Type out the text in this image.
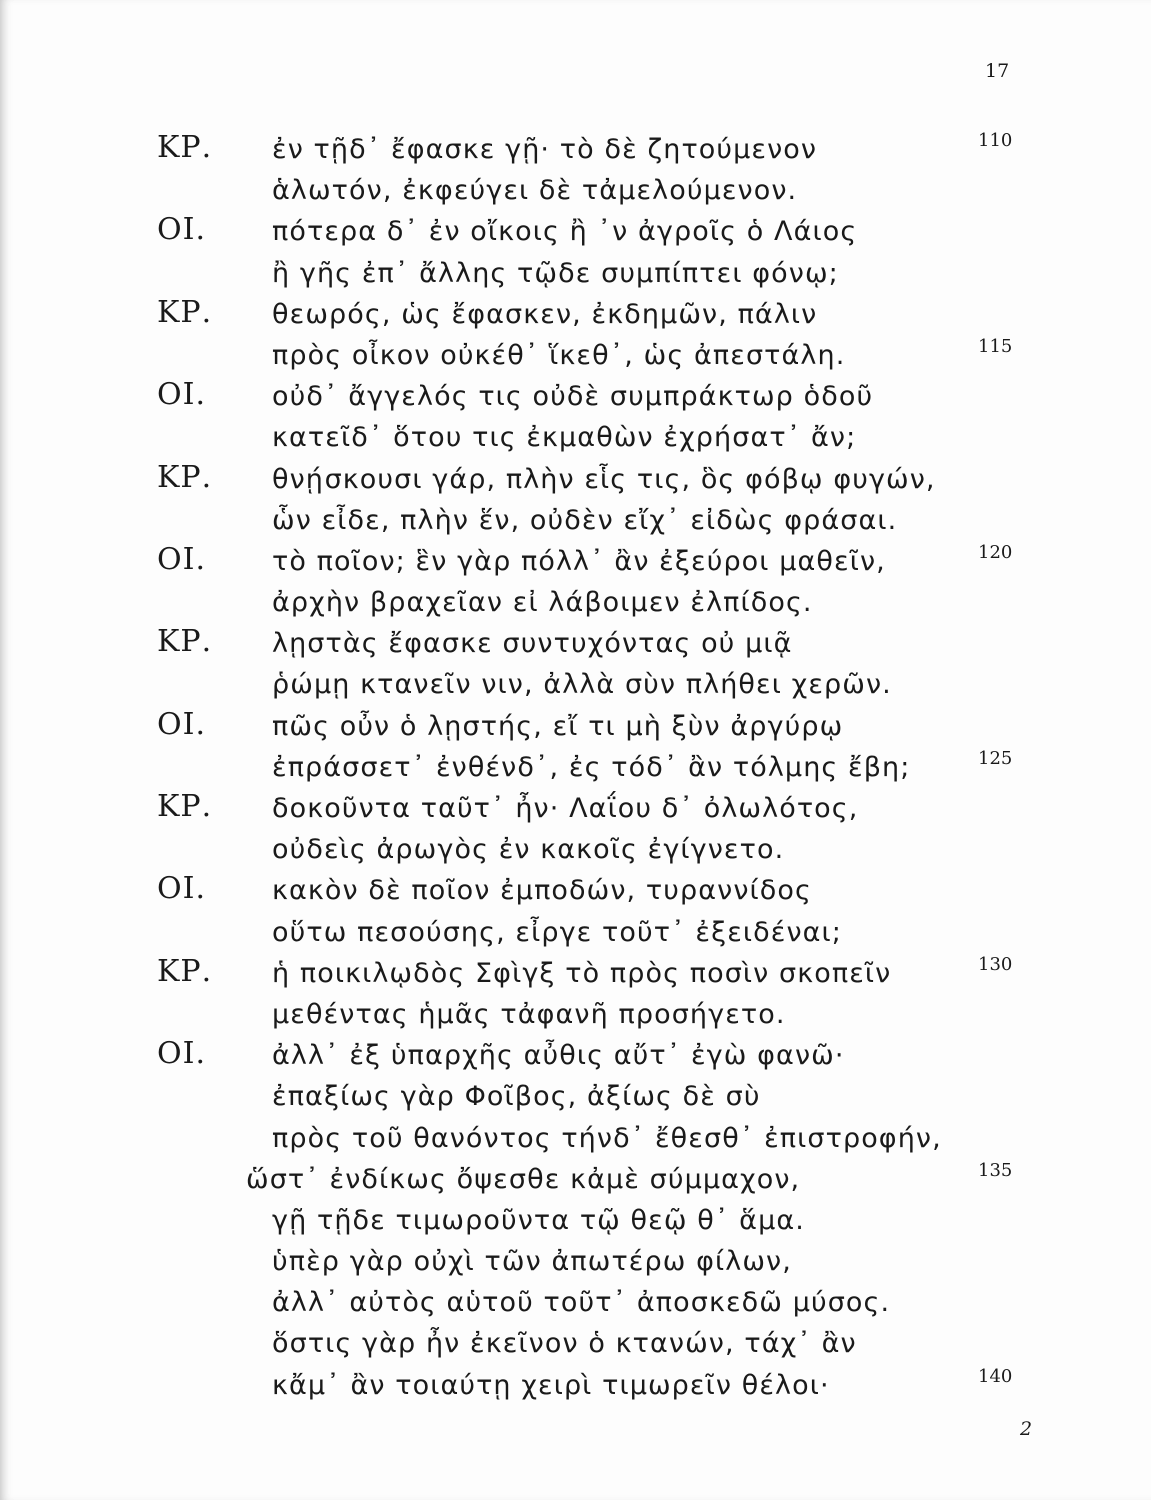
17
ΚΡ. ἐν τῇδ᾽ ἔφασκε γῇ· τὸ δὲ ζητούμενον	110
ἁλωτόν, ἐκφεύγει δὲ τἀμελούμενον.
ΟΙ. πότερα δ᾽ ἐν οἴκοις ἢ ᾽ν ἀγροῖς ὁ Λάιος
ἢ γῆς ἐπ᾽ ἄλλης τῷδε συμπίπτει φόνῳ;
ΚΡ. θεωρός, ὡς ἔφασκεν, ἐκδημῶν, πάλιν
πρὸς οἶκον οὐκέθ᾽ ἵκεθ᾽, ὡς ἀπεστάλη.	115
ΟΙ. οὐδ᾽ ἄγγελός τις οὐδὲ συμπράκτωρ ὁδοῦ
κατεῖδ᾽ ὅτου τις ἐκμαθὼν ἐχρήσατ᾽ ἄν;
ΚΡ. θνῄσκουσι γάρ, πλὴν εἷς τις, ὃς φόβῳ φυγών,
ὧν εἶδε, πλὴν ἕν, οὐδὲν εἴχ᾽ εἰδὼς φράσαι.
ΟΙ. τὸ ποῖον; ἓν γὰρ πόλλ᾽ ἂν ἐξεύροι μαθεῖν,	120
ἀρχὴν βραχεῖαν εἰ λάβοιμεν ἐλπίδος.
ΚΡ. λῃστὰς ἔφασκε συντυχόντας οὐ μιᾷ
ῥώμῃ κτανεῖν νιν, ἀλλὰ σὺν πλήθει χερῶν.
ΟΙ. πῶς οὖν ὁ λῃστής, εἴ τι μὴ ξὺν ἀργύρῳ
ἐπράσσετ᾽ ἐνθένδ᾽, ἐς τόδ᾽ ἂν τόλμης ἔβη;	125
ΚΡ. δοκοῦντα ταῦτ᾽ ἦν· Λαΐου δ᾽ ὀλωλότος,
οὐδεὶς ἀρωγὸς ἐν κακοῖς ἐγίγνετο.
ΟΙ. κακὸν δὲ ποῖον ἐμποδών, τυραννίδος
οὕτω πεσούσης, εἶργε τοῦτ᾽ ἐξειδέναι;
ΚΡ. ἡ ποικιλῳδὸς Σφὶγξ τὸ πρὸς ποσὶν σκοπεῖν	130
μεθέντας ἡμᾶς τἀφανῆ προσήγετο.
ΟΙ. ἀλλ᾽ ἐξ ὑπαρχῆς αὖθις αὔτ᾽ ἐγὼ φανῶ·
ἐπαξίως γὰρ Φοῖβος, ἀξίως δὲ σὺ
πρὸς τοῦ θανόντος τήνδ᾽ ἔθεσθ᾽ ἐπιστροφήν,
ὥστ᾽ ἐνδίκως ὄψεσθε κἀμὲ σύμμαχον,	135
γῇ τῇδε τιμωροῦντα τῷ θεῷ θ᾽ ἅμα.
ὑπὲρ γὰρ οὐχὶ τῶν ἀπωτέρω φίλων,
ἀλλ᾽ αὐτὸς αὑτοῦ τοῦτ᾽ ἀποσκεδῶ μύσος.
ὅστις γὰρ ἦν ἐκεῖνον ὁ κτανών, τάχ᾽ ἂν
κἄμ᾽ ἂν τοιαύτῃ χειρὶ τιμωρεῖν θέλοι·	140
2
